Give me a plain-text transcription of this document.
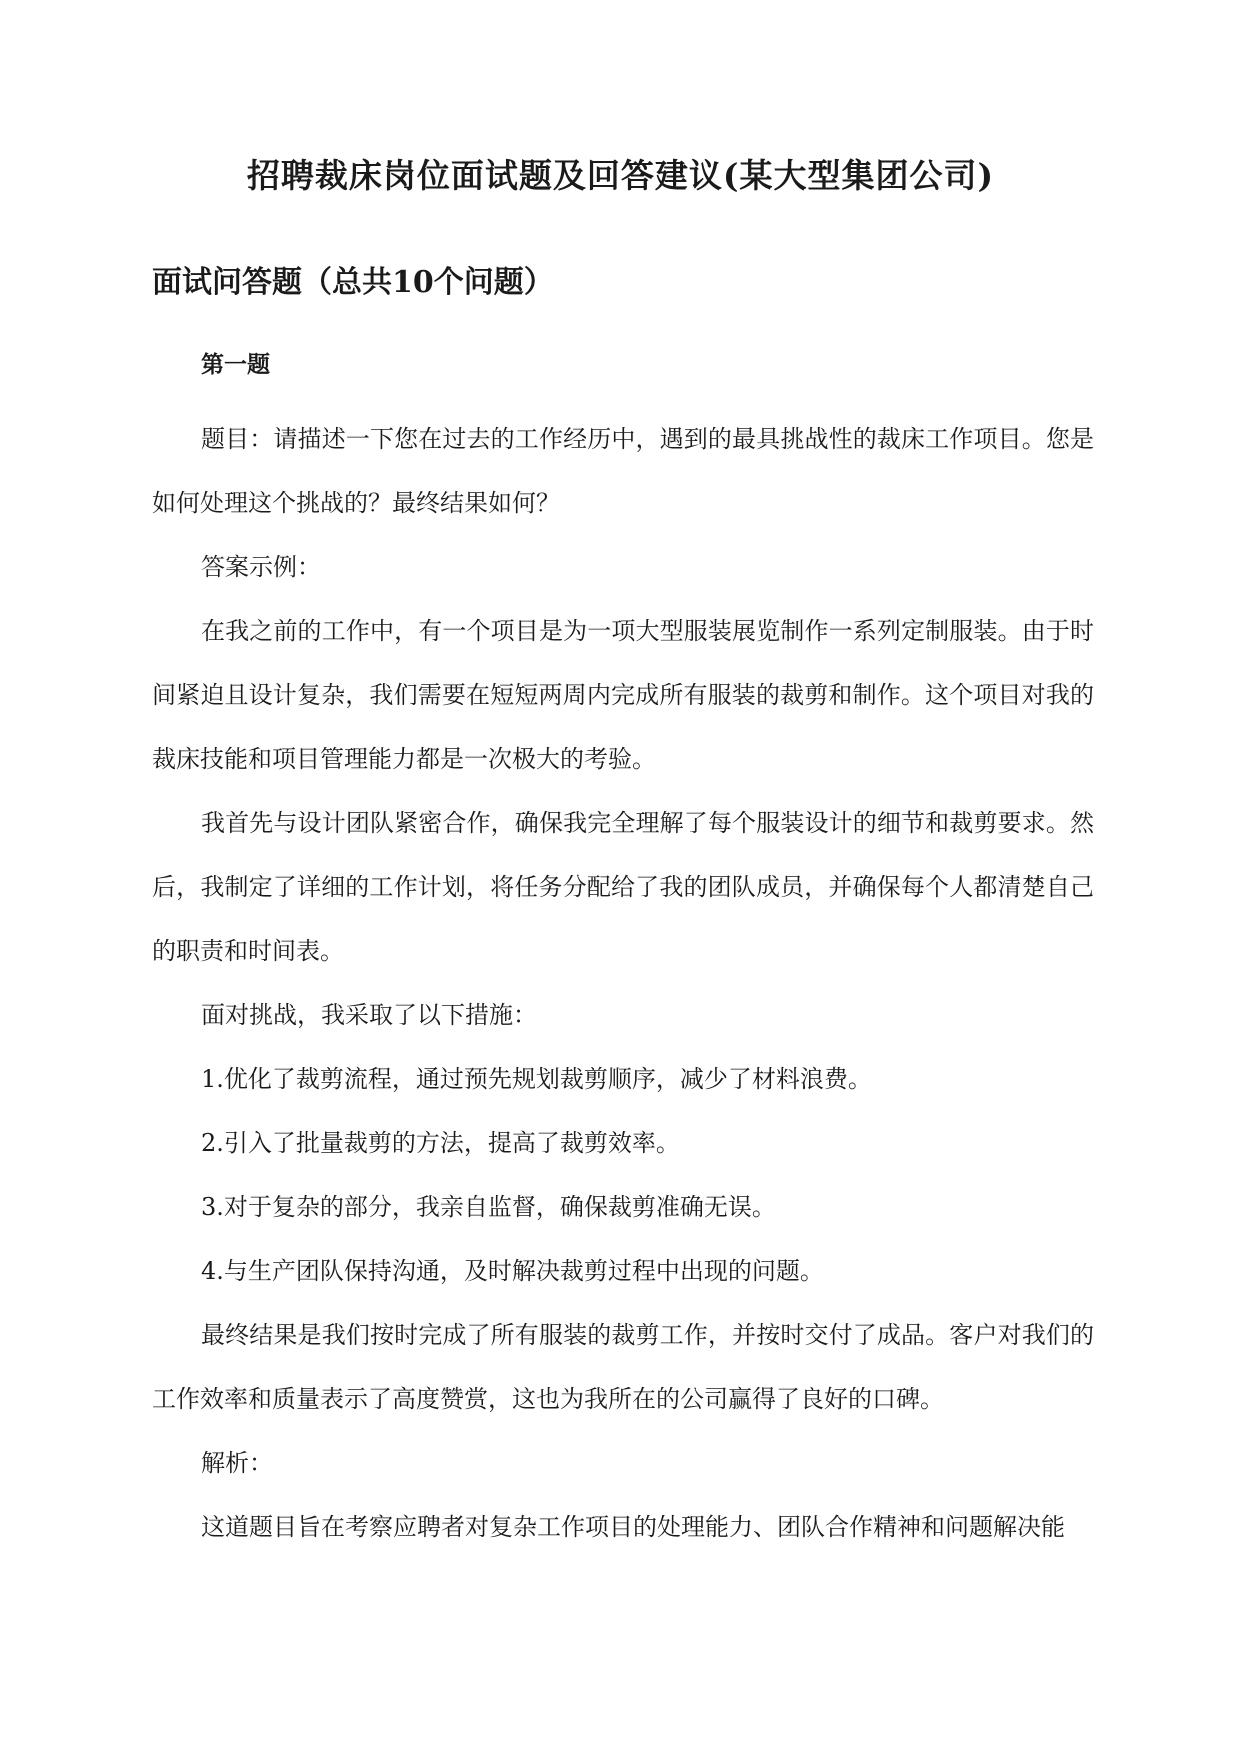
招聘裁床岗位面试题及回答建议(某大型集团公司)
面试问答题（总共10个问题）
第一题

题目：请描述一下您在过去的工作经历中，遇到的最具挑战性的裁床工作项目。您是如何处理这个挑战的？最终结果如何？

答案示例：

在我之前的工作中，有一个项目是为一项大型服装展览制作一系列定制服装。由于时间紧迫且设计复杂，我们需要在短短两周内完成所有服装的裁剪和制作。这个项目对我的裁床技能和项目管理能力都是一次极大的考验。

我首先与设计团队紧密合作，确保我完全理解了每个服装设计的细节和裁剪要求。然后，我制定了详细的工作计划，将任务分配给了我的团队成员，并确保每个人都清楚自己的职责和时间表。

面对挑战，我采取了以下措施：

1.优化了裁剪流程，通过预先规划裁剪顺序，减少了材料浪费。

2.引入了批量裁剪的方法，提高了裁剪效率。

3.对于复杂的部分，我亲自监督，确保裁剪准确无误。

4.与生产团队保持沟通，及时解决裁剪过程中出现的问题。

最终结果是我们按时完成了所有服装的裁剪工作，并按时交付了成品。客户对我们的工作效率和质量表示了高度赞赏，这也为我所在的公司赢得了良好的口碑。

解析：

这道题目旨在考察应聘者对复杂工作项目的处理能力、团队合作精神和问题解决能
